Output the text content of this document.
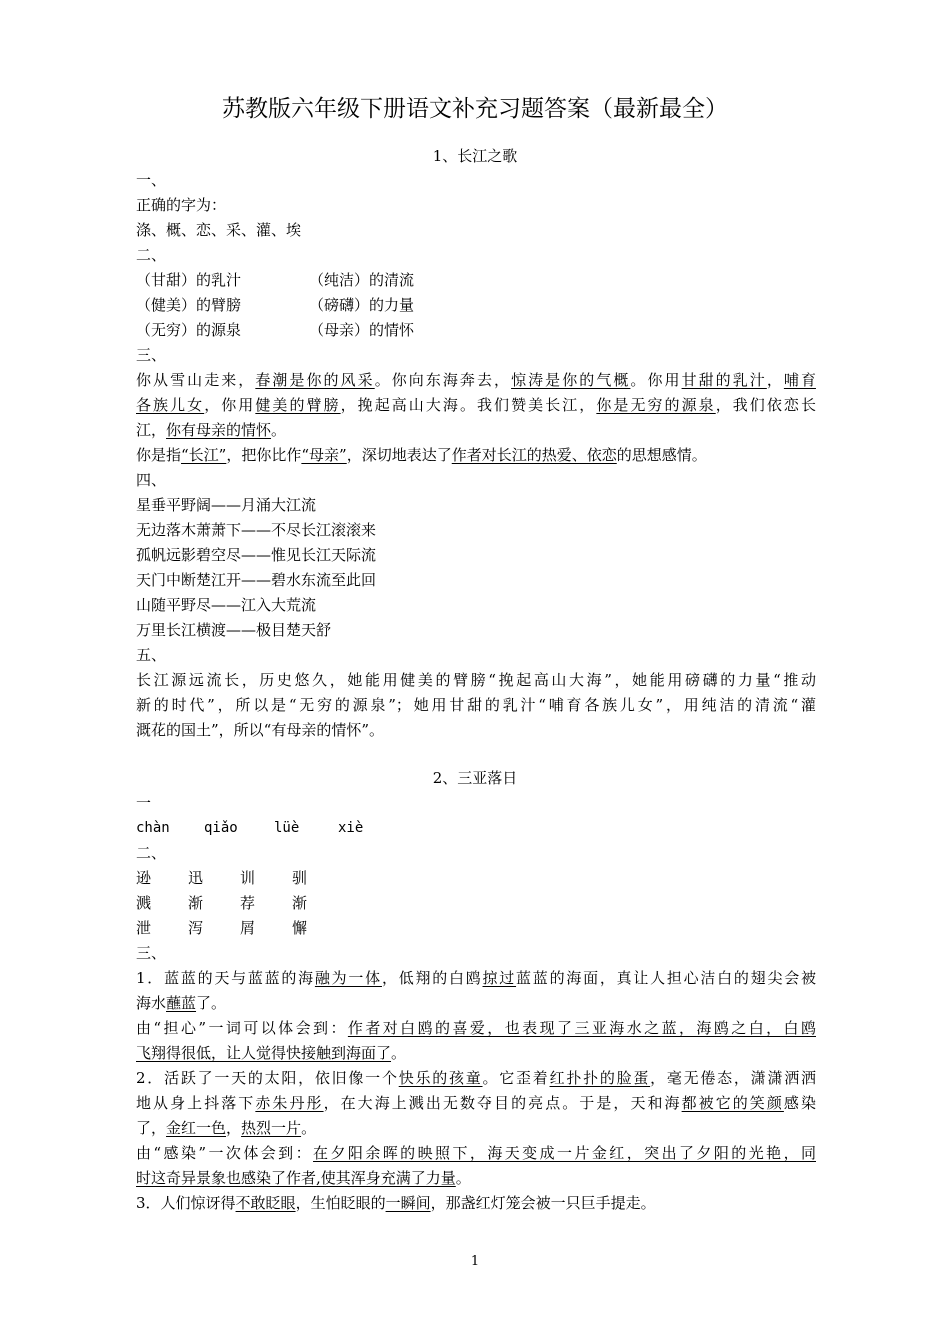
苏教版六年级下册语文补充习题答案（最新最全）
1、长江之歌
一、
正确的字为：
涤、概、恋、采、灌、埃
二、
（甘甜）的乳汁	（纯洁）的清流
（健美）的臂膀	（磅礴）的力量
（无穷）的源泉	（母亲）的情怀
三、
你从雪山走来，春潮是你的风采。你向东海奔去，惊涛是你的气概。你用甘甜的乳汁，哺育
各族儿女，你用健美的臂膀，挽起高山大海。我们赞美长江，你是无穷的源泉，我们依恋长
江，你有母亲的情怀。
你是指“长江”，把你比作“母亲”，深切地表达了作者对长江的热爱、依恋的思想感情。
四、
星垂平野阔——月涌大江流
无边落木萧萧下——不尽长江滚滚来
孤帆远影碧空尽——惟见长江天际流
天门中断楚江开——碧水东流至此回
山随平野尽——江入大荒流
万里长江横渡——极目楚天舒
五、
长江源远流长，历史悠久，她能用健美的臂膀“挽起高山大海”，她能用磅礴的力量“推动
新的时代”，所以是“无穷的源泉”；她用甘甜的乳汁“哺育各族儿女”，用纯洁的清流“灌
溉花的国土”，所以“有母亲的情怀”。
2、三亚落日
一
chàn qiǎo	lüè	xiè
二、
逊 迅 训 驯
溅 渐 荐 渐
泄 泻 屑 懈
三、
1．蓝蓝的天与蓝蓝的海融为一体，低翔的白鸥掠过蓝蓝的海面，真让人担心洁白的翅尖会被
海水蘸蓝了。
由“担心”一词可以体会到：作者对白鸥的喜爱，也表现了三亚海水之蓝，海鸥之白，白鸥
飞翔得很低，让人觉得快接触到海面了。
2．活跃了一天的太阳，依旧像一个快乐的孩童。它歪着红扑扑的脸蛋，毫无倦态，潇潇洒洒
地从身上抖落下赤朱丹彤，在大海上溅出无数夺目的亮点。于是，天和海都被它的笑颜感染
了，金红一色，热烈一片。
由“感染”一次体会到：在夕阳余晖的映照下，海天变成一片金红，突出了夕阳的光艳，同
时这奇异景象也感染了作者,使其浑身充满了力量。
3．人们惊讶得不敢眨眼，生怕眨眼的一瞬间，那盏红灯笼会被一只巨手提走。
1
